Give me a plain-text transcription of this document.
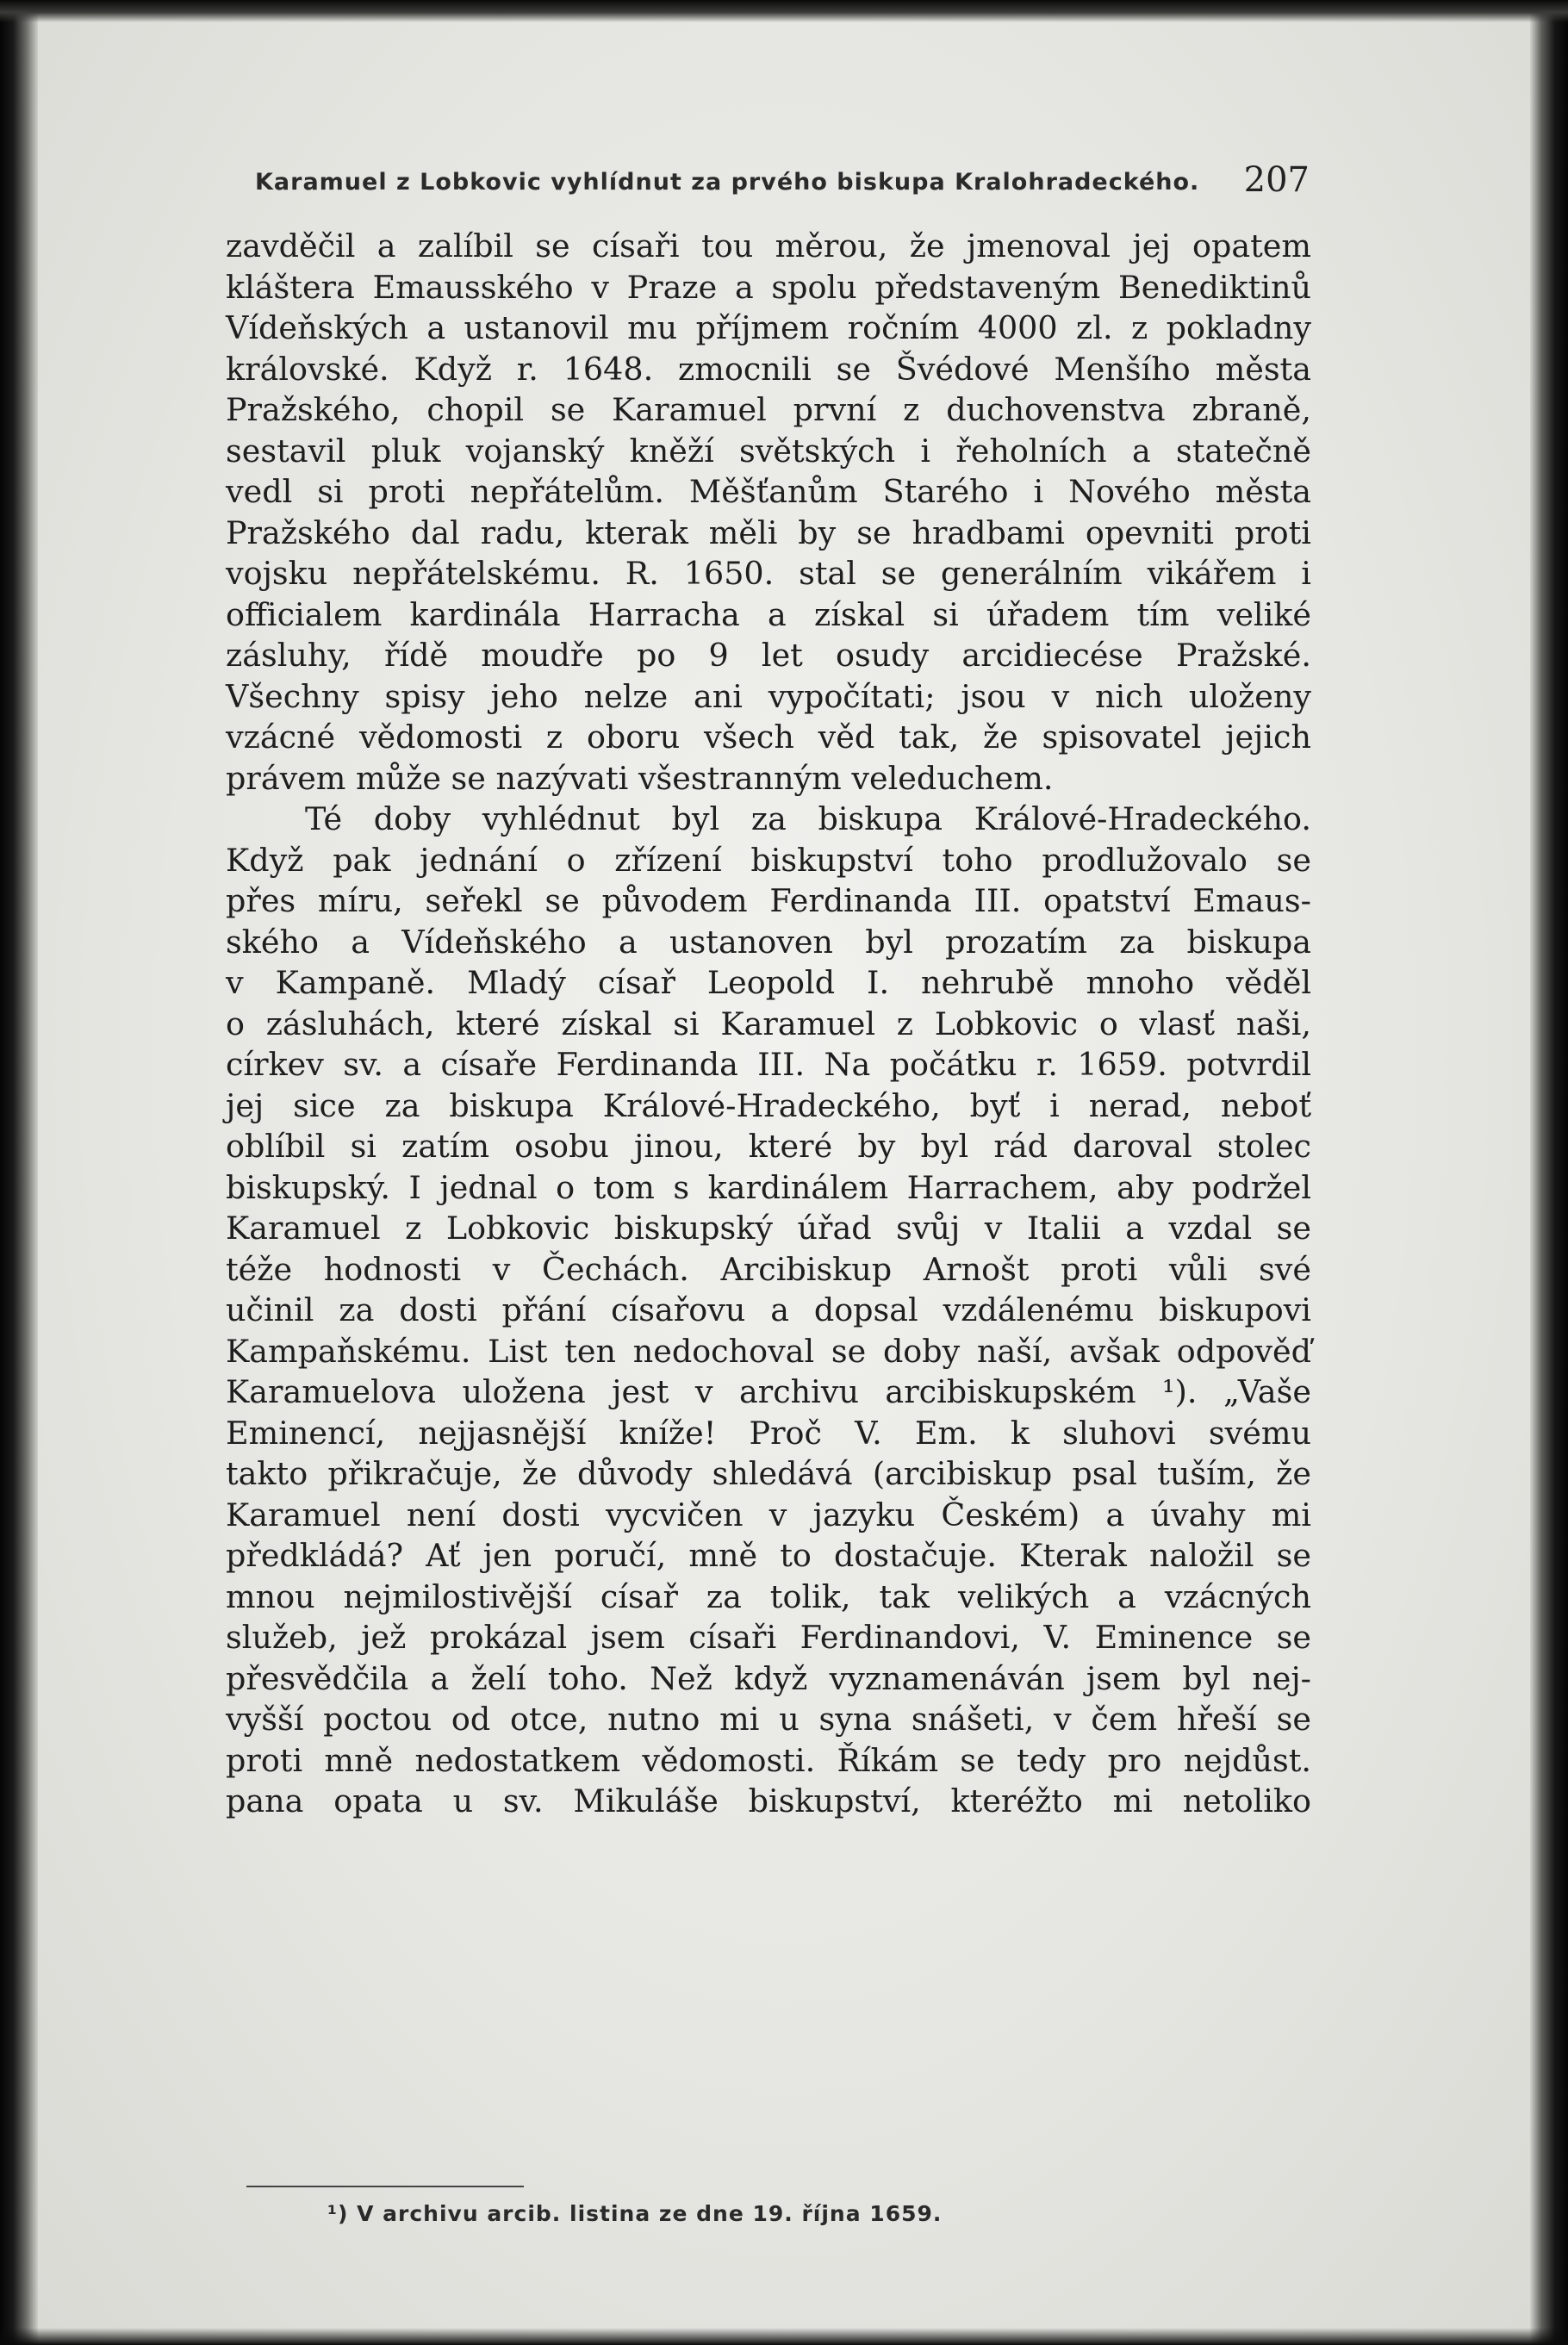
Karamuel z Lobkovic vyhlídnut za prvého biskupa Kralohradeckého. 207
zavděčil a zalíbil se císaři tou měrou, že jmenoval jej opatem
kláštera Emausského v Praze a spolu představeným Benediktinů
Vídeňských a ustanovil mu příjmem ročním 4000 zl. z pokladny
královské. Když r. 1648. zmocnili se Švédové Menšího města
Pražského, chopil se Karamuel první z duchovenstva zbraně,
sestavil pluk vojanský kněží světských i řeholních a statečně
vedl si proti nepřátelům. Měšťanům Starého i Nového města
Pražského dal radu, kterak měli by se hradbami opevniti proti
vojsku nepřátelskému. R. 1650. stal se generálním vikářem i
officialem kardinála Harracha a získal si úřadem tím veliké
zásluhy, řídě moudře po 9 let osudy arcidiecése Pražské.
Všechny spisy jeho nelze ani vypočítati; jsou v nich uloženy
vzácné vědomosti z oboru všech věd tak, že spisovatel jejich
právem může se nazývati všestranným veleduchem.
Té doby vyhlédnut byl za biskupa Králové-Hradeckého.
Když pak jednání o zřízení biskupství toho prodlužovalo se
přes míru, seřekl se původem Ferdinanda III. opatství Emaus-
ského a Vídeňského a ustanoven byl prozatím za biskupa
v Kampaně. Mladý císař Leopold I. nehrubě mnoho věděl
o zásluhách, které získal si Karamuel z Lobkovic o vlasť naši,
církev sv. a císaře Ferdinanda III. Na počátku r. 1659. potvrdil
jej sice za biskupa Králové-Hradeckého, byť i nerad, neboť
oblíbil si zatím osobu jinou, které by byl rád daroval stolec
biskupský. I jednal o tom s kardinálem Harrachem, aby podržel
Karamuel z Lobkovic biskupský úřad svůj v Italii a vzdal se
téže hodnosti v Čechách. Arcibiskup Arnošt proti vůli své
učinil za dosti přání císařovu a dopsal vzdálenému biskupovi
Kampaňskému. List ten nedochoval se doby naší, avšak odpověď
Karamuelova uložena jest v archivu arcibiskupském ¹). „Vaše
Eminencí, nejjasnější kníže! Proč V. Em. k sluhovi svému
takto přikračuje, že důvody shledává (arcibiskup psal tuším, že
Karamuel není dosti vycvičen v jazyku Českém) a úvahy mi
předkládá? Ať jen poručí, mně to dostačuje. Kterak naložil se
mnou nejmilostivější císař za tolik, tak velikých a vzácných
služeb, jež prokázal jsem císaři Ferdinandovi, V. Eminence se
přesvědčila a želí toho. Než když vyznamenáván jsem byl nej-
vyšší poctou od otce, nutno mi u syna snášeti, v čem hřeší se
proti mně nedostatkem vědomosti. Říkám se tedy pro nejdůst.
pana opata u sv. Mikuláše biskupství, kteréžto mi netoliko
¹) V archivu arcib. listina ze dne 19. října 1659.
